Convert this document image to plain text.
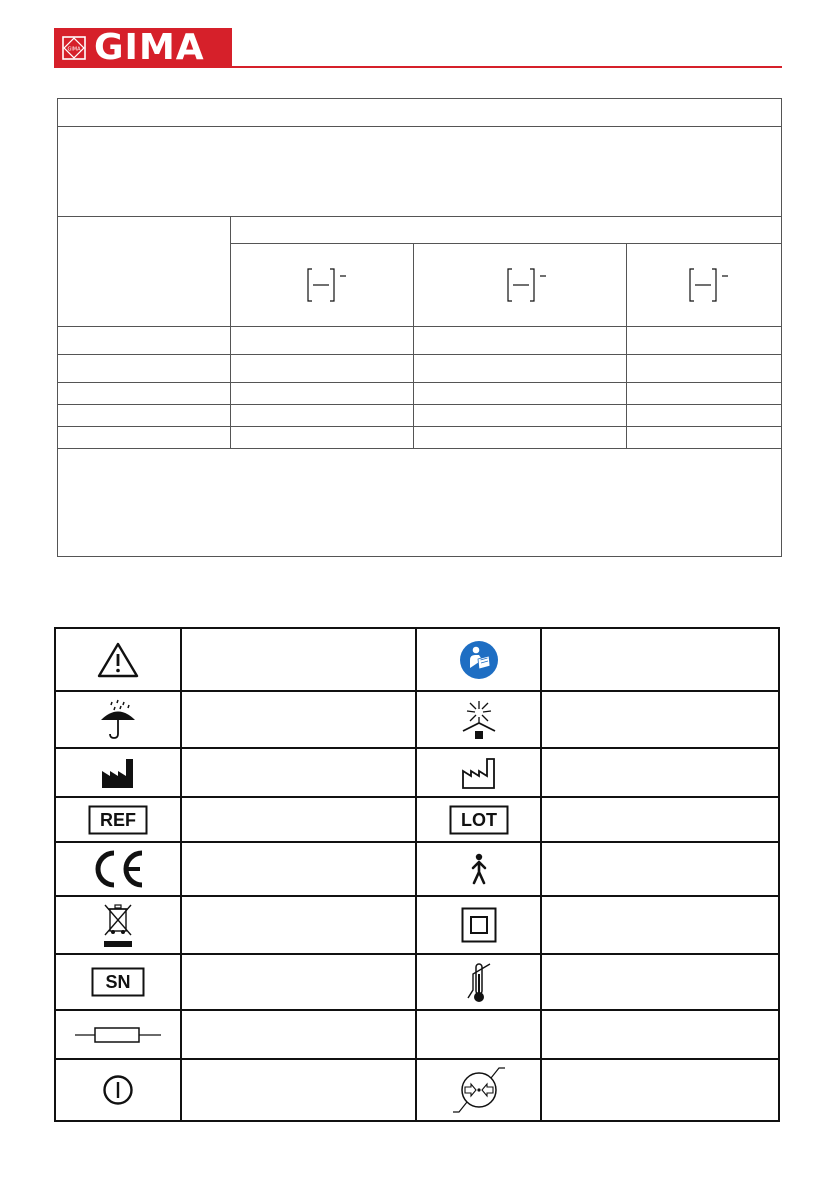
GIMA GIMA
REF	LOT
SN
